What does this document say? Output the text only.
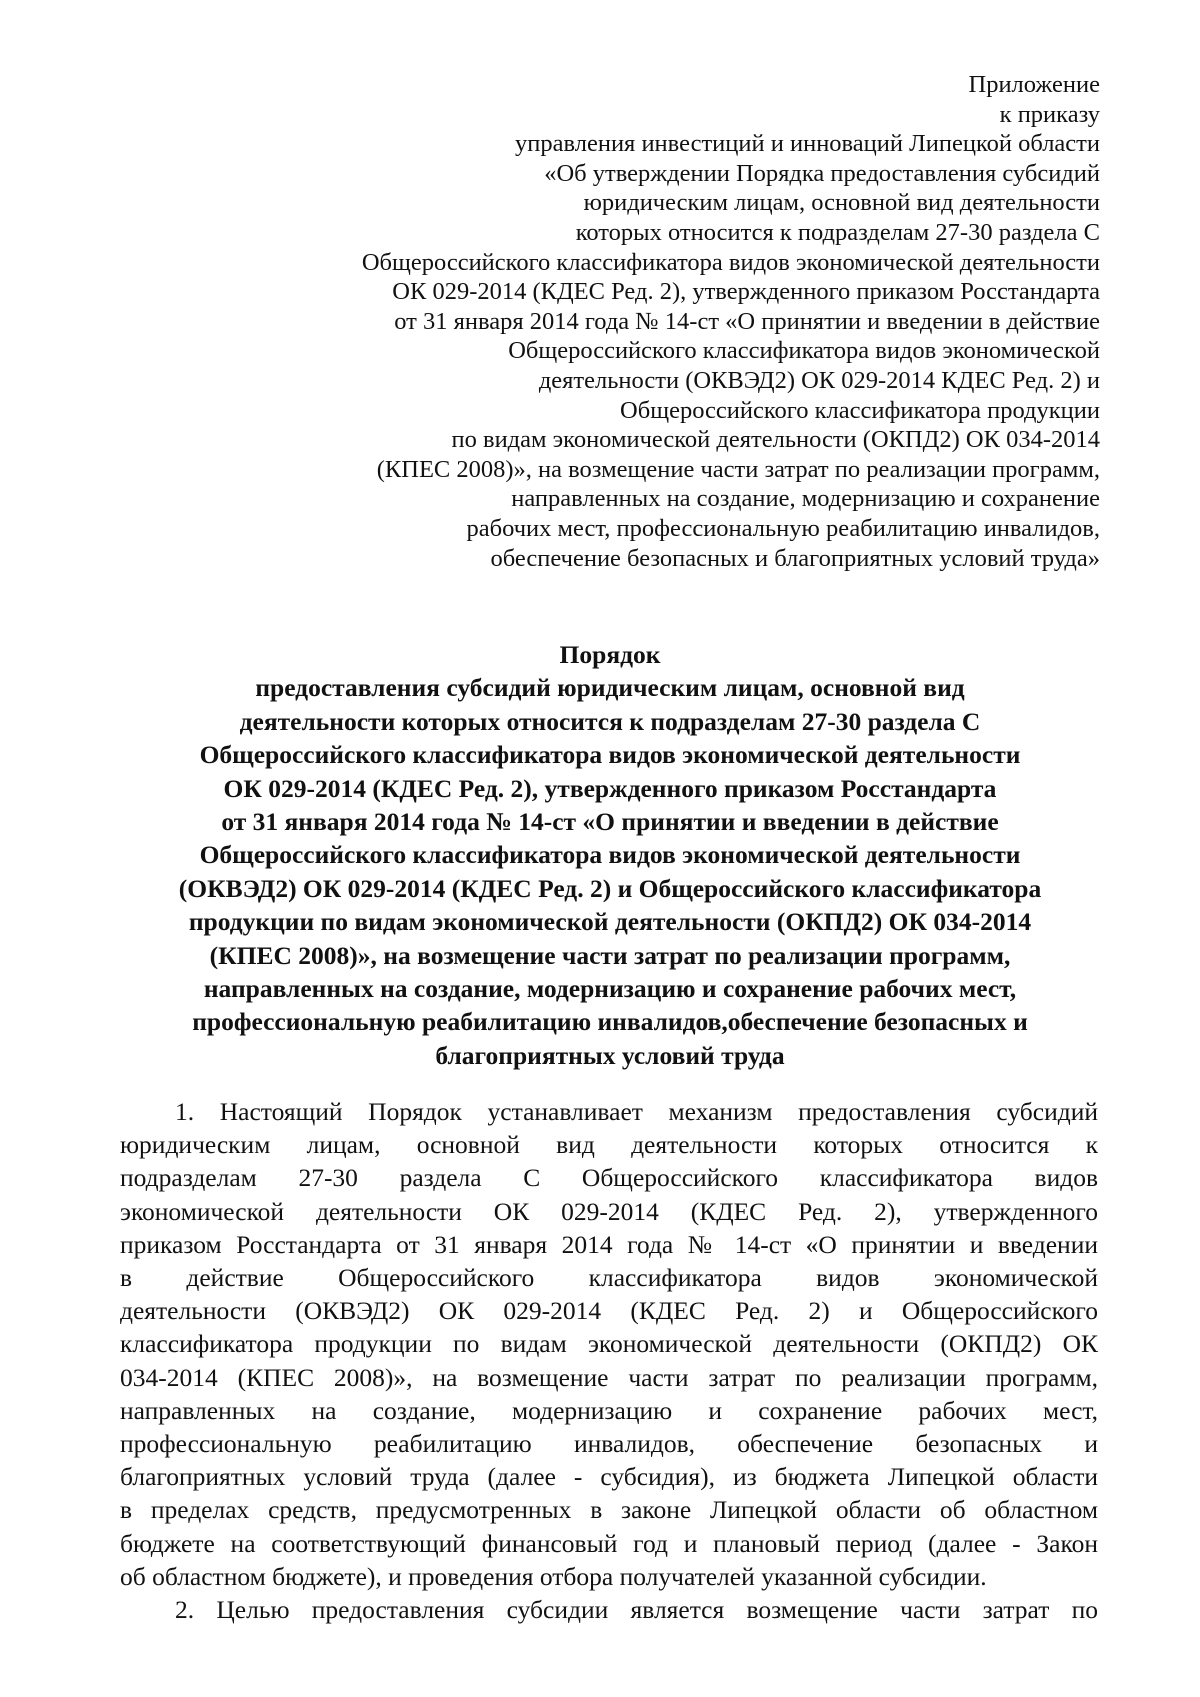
Приложение
к приказу
управления инвестиций и инноваций Липецкой области
«Об утверждении Порядка предоставления субсидий
юридическим лицам, основной вид деятельности
которых относится к подразделам 27-30 раздела С
Общероссийского классификатора видов экономической деятельности
ОК 029-2014 (КДЕС Ред. 2), утвержденного приказом Росстандарта
от 31 января 2014 года № 14-ст «О принятии и введении в действие
Общероссийского классификатора видов экономической
деятельности (ОКВЭД2) ОК 029-2014 КДЕС Ред. 2) и
Общероссийского классификатора продукции
по видам экономической деятельности (ОКПД2) ОК 034-2014
(КПЕС 2008)», на возмещение части затрат по реализации программ,
направленных на создание, модернизацию и сохранение
рабочих мест, профессиональную реабилитацию инвалидов,
обеспечение безопасных и благоприятных условий труда»
Порядок
предоставления субсидий юридическим лицам, основной вид
деятельности которых относится к подразделам 27-30 раздела С
Общероссийского классификатора видов экономической деятельности
ОК 029-2014 (КДЕС Ред. 2), утвержденного приказом Росстандарта
от 31 января 2014 года № 14-ст «О принятии и введении в действие
Общероссийского классификатора видов экономической деятельности
(ОКВЭД2) ОК 029-2014 (КДЕС Ред. 2) и Общероссийского классификатора
продукции по видам экономической деятельности (ОКПД2) ОК 034-2014
(КПЕС 2008)», на возмещение части затрат по реализации программ,
направленных на создание, модернизацию и сохранение рабочих мест,
профессиональную реабилитацию инвалидов,обеспечение безопасных и
благоприятных условий труда
1. Настоящий Порядок устанавливает механизм предоставления субсидий
юридическим лицам, основной вид деятельности которых относится к
подразделам 27-30 раздела С Общероссийского классификатора видов
экономической деятельности ОК 029-2014 (КДЕС Ред. 2), утвержденного
приказом Росстандарта от 31 января 2014 года № 14-ст «О принятии и введении
в действие Общероссийского классификатора видов экономической
деятельности (ОКВЭД2) ОК 029-2014 (КДЕС Ред. 2) и Общероссийского
классификатора продукции по видам экономической деятельности (ОКПД2) ОК
034-2014 (КПЕС 2008)», на возмещение части затрат по реализации программ,
направленных на создание, модернизацию и сохранение рабочих мест,
профессиональную реабилитацию инвалидов, обеспечение безопасных и
благоприятных условий труда (далее - субсидия), из бюджета Липецкой области
в пределах средств, предусмотренных в законе Липецкой области об областном
бюджете на соответствующий финансовый год и плановый период (далее - Закон
об областном бюджете), и проведения отбора получателей указанной субсидии.
2. Целью предоставления субсидии является возмещение части затрат по
